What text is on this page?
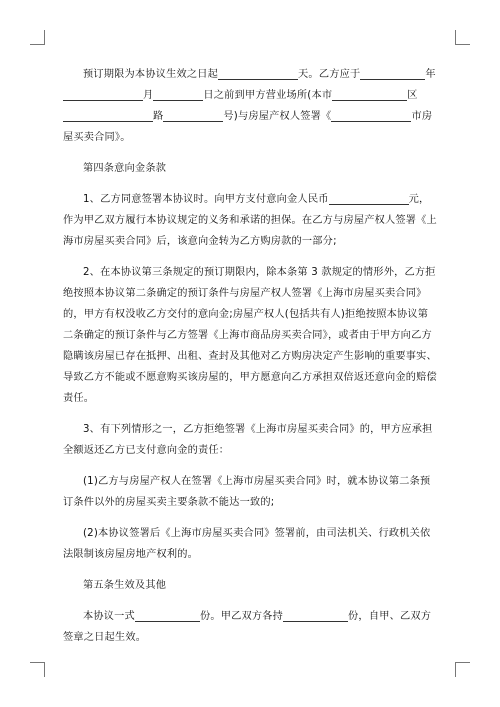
预订期限为本协议生效之日起	天。乙方应于	年月	日之前到甲方营业场所(本市	区路	号)与房屋产权人签署《	市房屋买卖合同》。

第四条意向金条款

1、乙方同意签署本协议时。向甲方支付意向金人民币	元，作为甲乙双方履行本协议规定的义务和承诺的担保。在乙方与房屋产权人签署《上海市房屋买卖合同》后，该意向金转为乙方购房款的一部分;

2、在本协议第三条规定的预订期限内，除本条第 3 款规定的情形外，乙方拒绝按照本协议第二条确定的预订条件与房屋产权人签署《上海市房屋买卖合同》的，甲方有权没收乙方交付的意向金;房屋产权人(包括共有人)拒绝按照本协议第二条确定的预订条件与乙方签署《上海市商品房买卖合同》，或者由于甲方向乙方隐瞒该房屋已存在抵押、出租、查封及其他对乙方购房决定产生影响的重要事实、导致乙方不能或不愿意购买该房屋的，甲方愿意向乙方承担双倍返还意向金的赔偿责任。

3、有下列情形之一，乙方拒绝签署《上海市房屋买卖合同》的，甲方应承担全额返还乙方已支付意向金的责任：

(1)乙方与房屋产权人在签署《上海市房屋买卖合同》时，就本协议第二条预订条件以外的房屋买卖主要条款不能达一致的;

(2)本协议签署后《上海市房屋买卖合同》签署前，由司法机关、行政机关依法限制该房屋房地产权利的。

第五条生效及其他

本协议一式	份。甲乙双方各持	份，自甲、乙双方签章之日起生效。
